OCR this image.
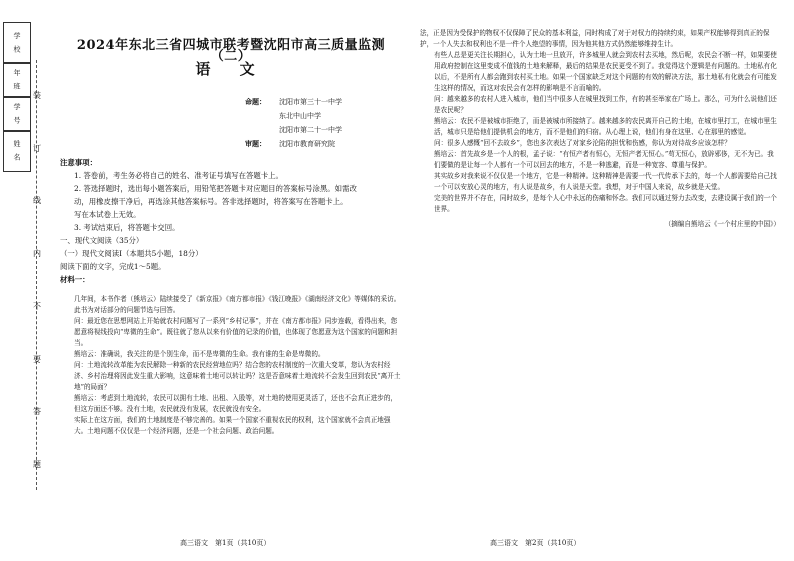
学 校
年 班
学 号
姓 名
装
订
线
内
不
要
答
题
2024年东北三省四城市联考暨沈阳市高三质量监测（二）
语 文
命题： 沈阳市第三十一中学
东北中山中学
沈阳市第二十一中学
审题： 沈阳市教育研究院

注意事项：

1. 答卷前，考生务必将自己的姓名、准考证号填写在答题卡上。

2. 答选择题时，选出每小题答案后，用铅笔把答题卡对应题目的答案标号涂黑。如需改

动，用橡皮擦干净后，再选涂其他答案标号。答非选择题时，将答案写在答题卡上。

写在本试卷上无效。

3. 考试结束后，将答题卡交回。

一、现代文阅读（35分）

（一）现代文阅读Ⅰ（本题共5小题，18分）

阅读下面的文字，完成1～5题。

材料一：

几年间，本书作者（熊培云）陆续接受了《新京报》《南方都市报》《钱江晚报》《湖南经济文化》等媒体的采访。此书为对话部分的问题节选与回答。

问：最近您在思想网站上开始就农村问题写了一系列“乡村记事”，并在《南方都市报》同步连载，看得出来，您愿意将视线投向“卑微的生命”。既往就了您从以来有价值的记录的价值，也体现了您愿意为这个国家的问题和担当。

熊培云：准确说，我关注的是个别生命，而不是卑微的生命。我有谁的生命是卑微的。

问：土地流转改革能为农民解除一种新的农民经营地位吗？结合您的农村制度的一次重大变革，您认为农村经济、乡村治理将因此发生重大影响，这意味着土地可以转让吗？这是否意味着土地流转不会发生回到农民“离开土地”的局面？

熊培云：考虑到土地流转，农民可以拥有土地、出租、入股等，对土地的使用更灵活了，还也不会真正进步的，但这方面还不够。没有土地，农民就没有发展，农民就没有安全。

实际上在这方面，我们的土地制度是不够完善的。如果一个国家不重视农民的权利，这个国家就不会真正地强大。土地问题不仅仅是一个经济问题，还是一个社会问题、政治问题。

高三语文　第1页（共10页）

法，正是因为受保护的物权不仅保障了民众的基本利益，同时构成了对于对权力的持续约束，如果产权能够得到真正的保护，一个人失去和权利也不是一件个人绝望的事情，因为他其他方式仍然能够维持生计。

有些人总是更关注长期担心，认为土地一旦放开，许多城里人就会到农村去买地，然后呢，农民会不断一样，如果要使用政府控制在这里变成不值钱的土地来解释，最后的结果是农民更受不到了。我觉得这个逻辑是有问题的。土地私有化以后，不是所有人都会跑到农村买土地。如果一个国家缺乏对这个问题的有效的解决方法，那土地私有化就会有可能发生这样的情况，而这对农民会有怎样的影响是不言而喻的。

问：越来越多的农村人进入城市，他们当中很多人在城里找到工作，有的甚至举家在广场上。那么，可为什么说他们还是农民呢？

熊培云：农民不是被城市拒绝了，而是被城市所接纳了。越来越多的农民离开自己的土地，在城市里打工，在城市里生活，城市只是给他们提供机会的地方，而不是他们的归宿。从心理上说，他们有身在这里、心在那里的感觉。

问：很多人感慨“回不去故乡”，您也多次表达了对家乡沦陷的担忧和伤感，你认为对待故乡应该怎样？

熊培云：首先故乡是一个人的根，孟子说：“有恒产者有恒心，无恒产者无恒心。”苟无恒心，放辟邪侈，无不为已。我们要做的是让每一个人都有一个可以回去的地方，不是一种逃避，而是一种宽容、尊重与保护。

其实故乡对我来说不仅仅是一个地方，它是一种精神。这种精神是需要一代一代传承下去的，每一个人都需要给自己找一个可以安放心灵的地方，有人说是故乡，有人说是天堂。我想，对于中国人来说，故乡就是天堂。

完美的世界并不存在，同时故乡，是每个人心中永远的伤痛和怀念。我们可以通过努力去改变，去建设属于我们的一个世界。

（摘编自熊培云《一个村庄里的中国》）

高三语文　第2页（共10页）
